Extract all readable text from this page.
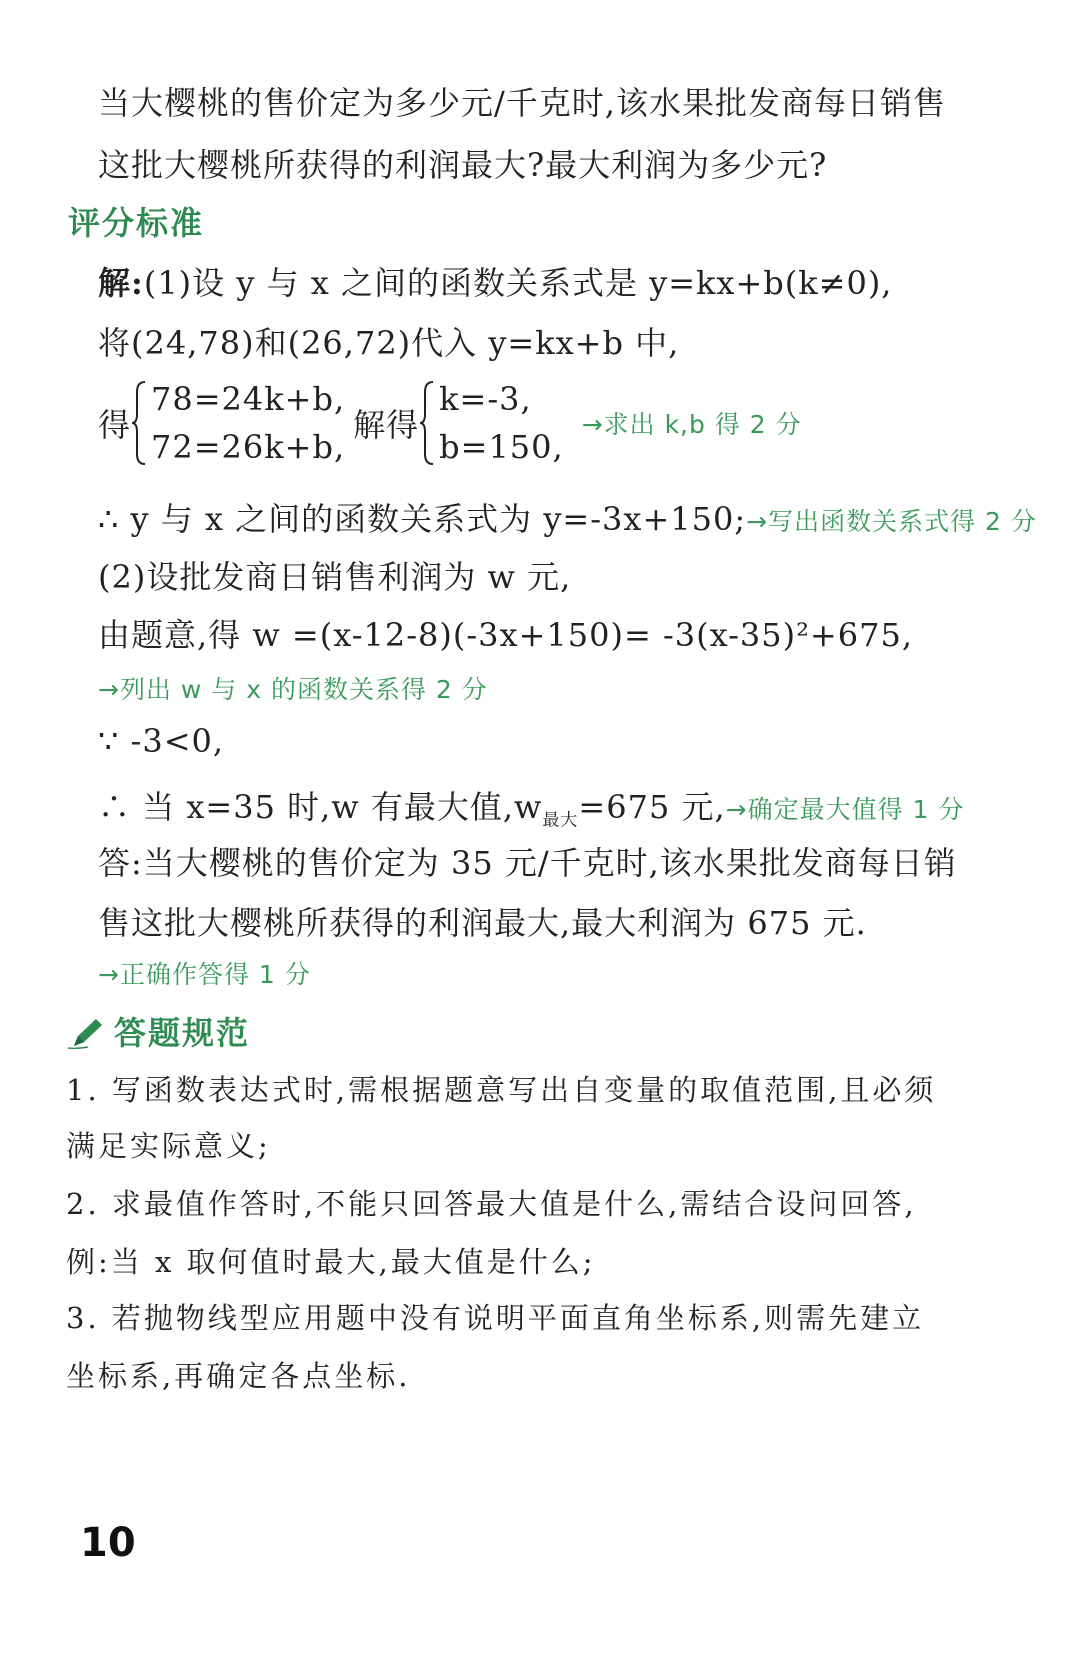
当大樱桃的售价定为多少元/千克时,该水果批发商每日销售
这批大樱桃所获得的利润最大?最大利润为多少元?
评分标准
解:(1)设 y 与 x 之间的函数关系式是 y=kx+b(k≠0),
将(24,78)和(26,72)代入 y=kx+b 中,
得
78=24k+b,
72=26k+b,
解得
k=-3,
b=150,
→求出 k,b 得 2 分
∴ y 与 x 之间的函数关系式为 y=-3x+150;→写出函数关系式得 2 分
(2)设批发商日销售利润为 w 元,
由题意,得 w =(x-12-8)(-3x+150)= -3(x-35)²+675,
→列出 w 与 x 的函数关系得 2 分
∵ -3<0,
∴ 当 x=35 时,w 有最大值$,w_{最大}=675$ 元,→确定最大值得 1 分
答:当大樱桃的售价定为 35 元/千克时,该水果批发商每日销
售这批大樱桃所获得的利润最大,最大利润为 675 元.
→正确作答得 1 分
答题规范
1. 写函数表达式时,需根据题意写出自变量的取值范围,且必须
满足实际意义;
2. 求最值作答时,不能只回答最大值是什么,需结合设问回答,
例:当 x 取何值时最大,最大值是什么;
3. 若抛物线型应用题中没有说明平面直角坐标系,则需先建立
坐标系,再确定各点坐标.
10
